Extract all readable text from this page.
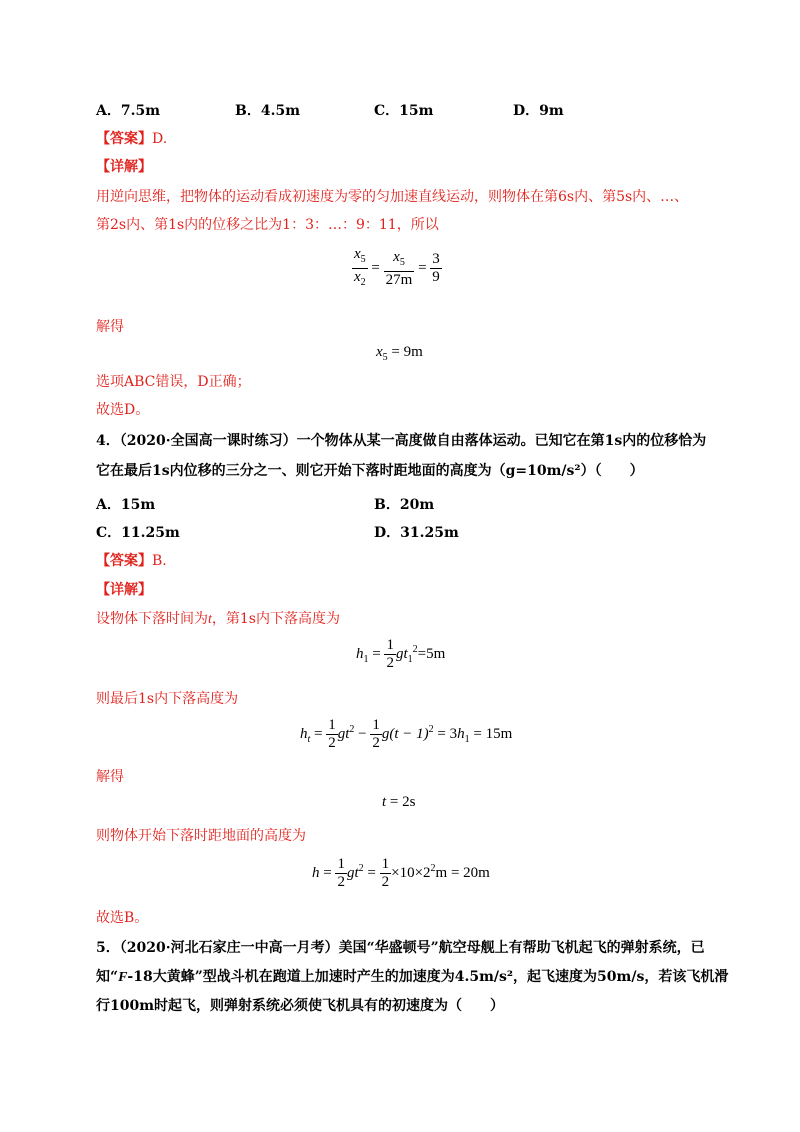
A．7.5m	B．4.5m	C．15m	D．9m
【答案】D.
【详解】
用逆向思维，把物体的运动看成初速度为零的匀加速直线运动，则物体在第6s内、第5s内、…、
第2s内、第1s内的位移之比为1：3：…：9：11，所以
$\frac{x_5}{x_2} = \frac{x_5}{27m} = \frac{3}{9}$
解得
$x_5 = 9m$
选项ABC错误，D正确；
故选D。
4．（2020·全国高一课时练习）一个物体从某一高度做自由落体运动。已知它在第1s内的位移恰为
它在最后1s内位移的三分之一、则它开始下落时距地面的高度为（g=10m/s²）（　　）
A．15m	B．20m
C．11.25m	D．31.25m
【答案】B.
【详解】
设物体下落时间为t，第1s内下落高度为
$h_1 = \frac{1}{2} gt_1^2=5m$
则最后1s内下落高度为
$h_t = \frac{1}{2} gt^2 - \frac{1}{2} g(t - 1)^2 = 3h_1 = 15m$
解得
t = 2s
则物体开始下落时距地面的高度为
$h = \frac{1}{2} gt^2 = \frac{1}{2} \times 10\times 2^2m = 20m$
故选B。
5．（2020·河北石家庄一中高一月考）美国“华盛顿号”航空母舰上有帮助飞机起飞的弹射系统，已
知“F-18大黄蜂”型战斗机在跑道上加速时产生的加速度为4.5m/s²，起飞速度为50m/s，若该飞机滑
行100m时起飞，则弹射系统必须使飞机具有的初速度为（　　）
